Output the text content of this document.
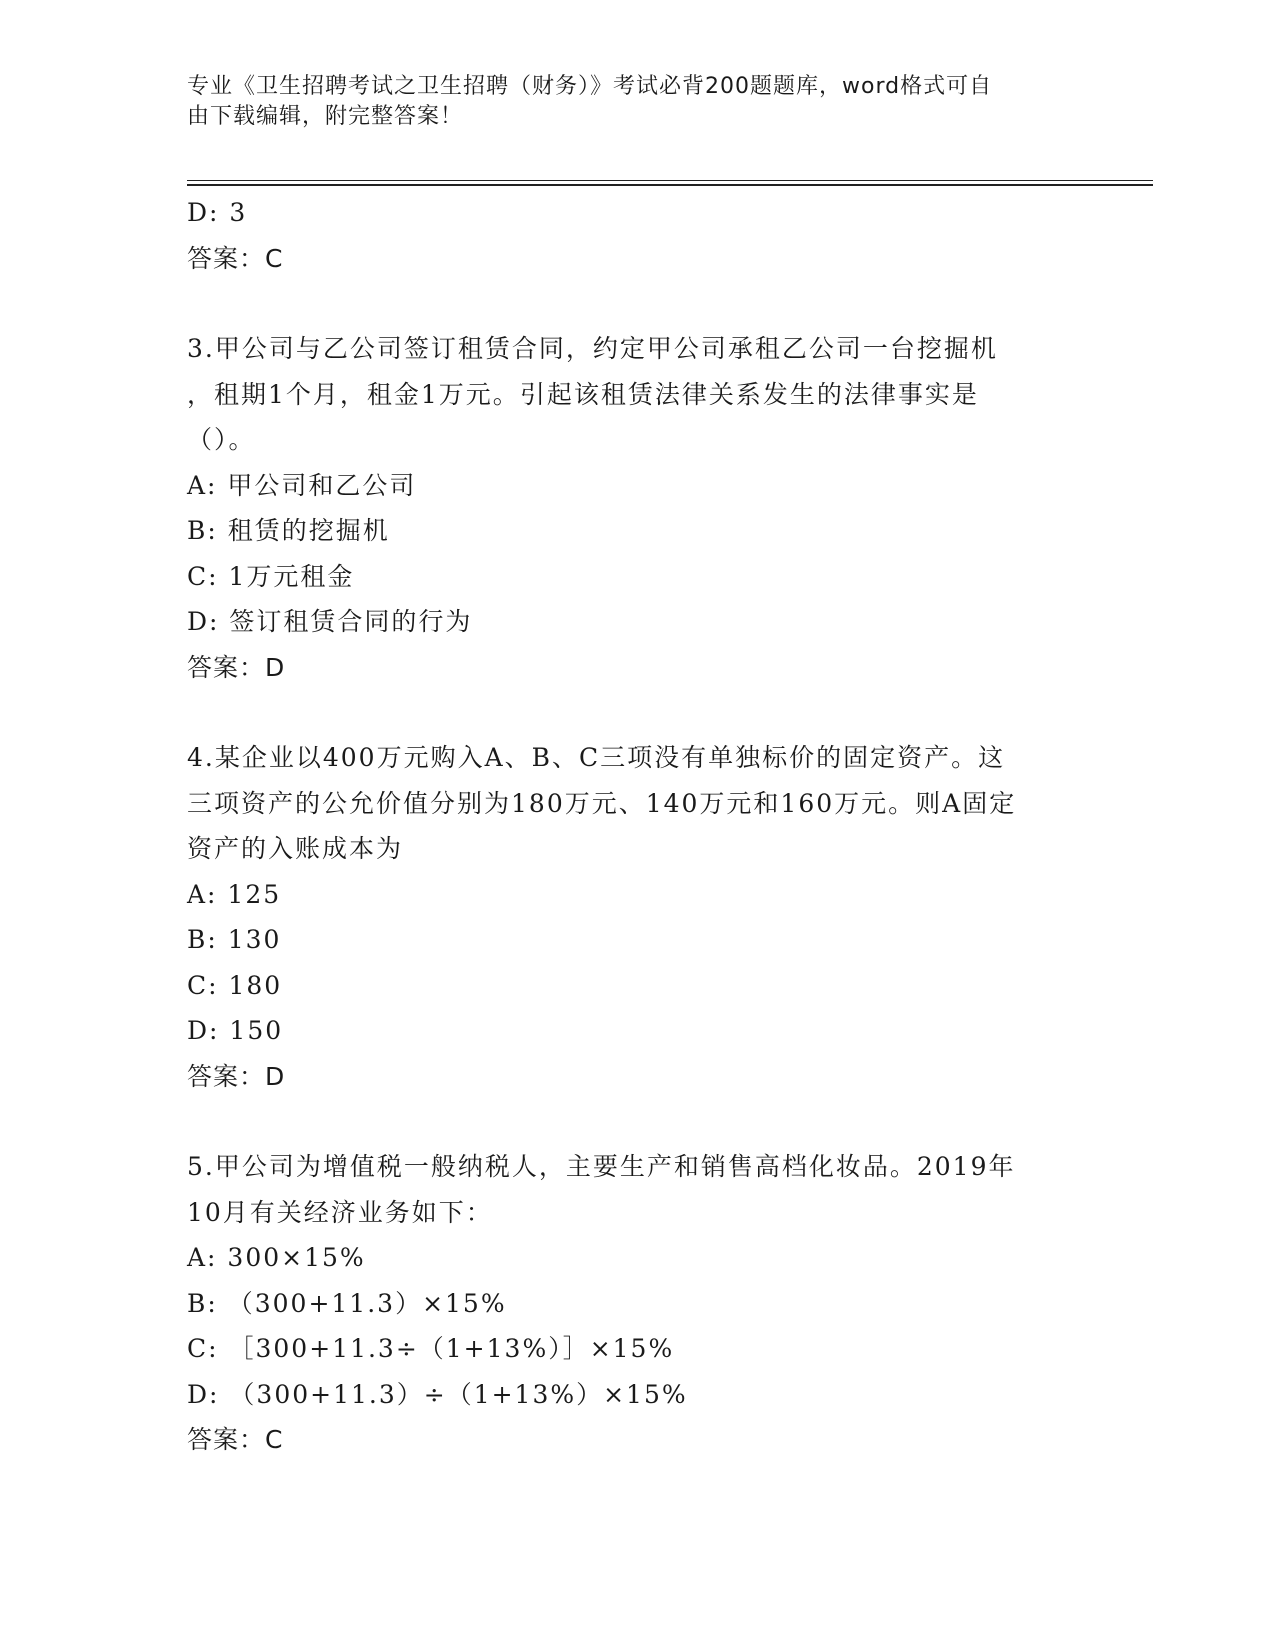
专业《卫生招聘考试之卫生招聘（财务）》考试必背200题题库，word格式可自
由下载编辑，附完整答案！
D: 3
答案：C
3.甲公司与乙公司签订租赁合同，约定甲公司承租乙公司一台挖掘机
，租期1个月，租金1万元。引起该租赁法律关系发生的法律事实是
（）。
A: 甲公司和乙公司
B: 租赁的挖掘机
C: 1万元租金
D: 签订租赁合同的行为
答案：D
4.某企业以400万元购入A、B、C三项没有单独标价的固定资产。这
三项资产的公允价值分别为180万元、140万元和160万元。则A固定
资产的入账成本为
A: 125
B: 130
C: 180
D: 150
答案：D
5.甲公司为增值税一般纳税人，主要生产和销售高档化妆品。2019年
10月有关经济业务如下：
A: 300×15%
B: （300+11.3）×15%
C: ［300+11.3÷（1+13%）］×15%
D: （300+11.3）÷（1+13%）×15%
答案：C
